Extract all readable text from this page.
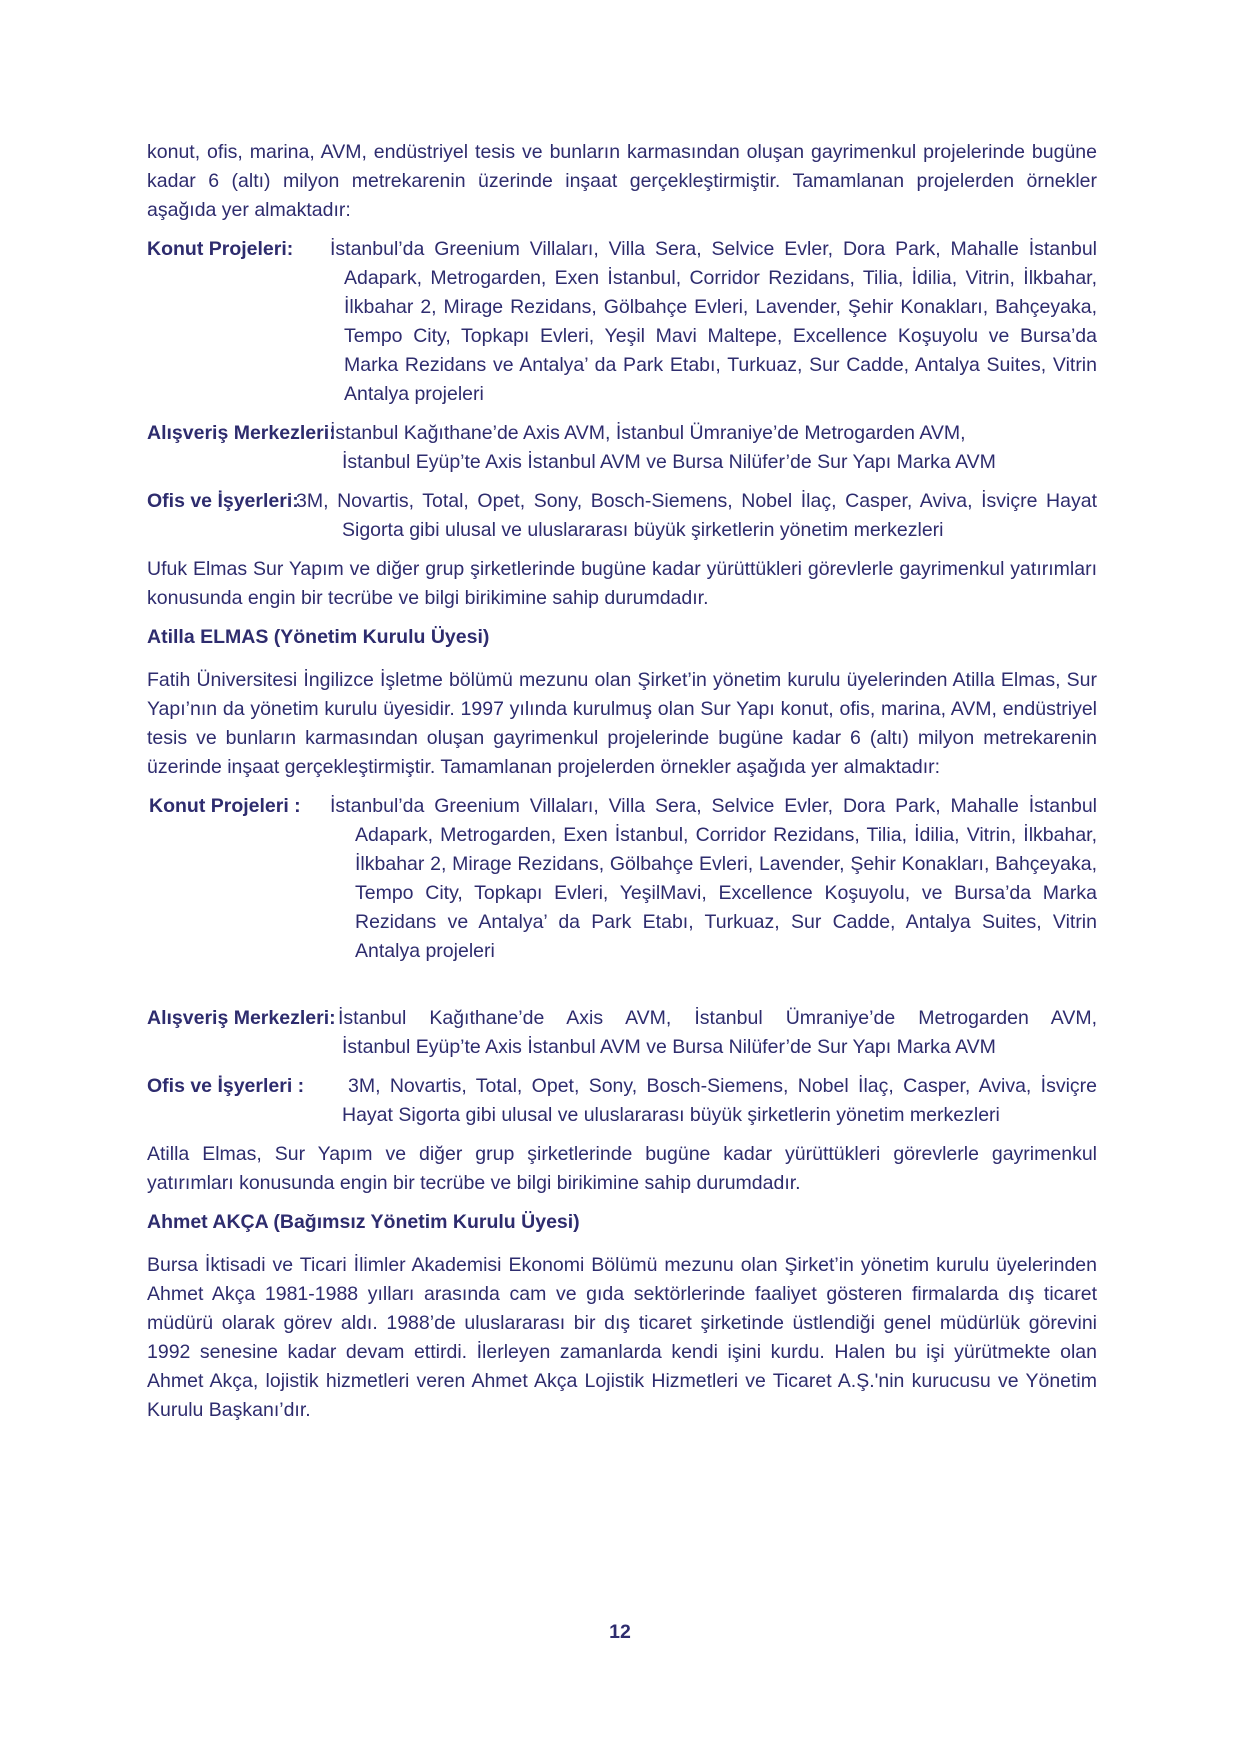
konut, ofis, marina, AVM, endüstriyel tesis ve bunların karmasından oluşan gayrimenkul projelerinde bugüne kadar 6 (altı) milyon metrekarenin üzerinde inşaat gerçekleştirmiştir. Tamamlanan projelerden örnekler aşağıda yer almaktadır:

Konut Projeleri: İstanbul’da Greenium Villaları, Villa Sera, Selvice Evler, Dora Park, Mahalle İstanbul
Adapark, Metrogarden, Exen İstanbul, Corridor Rezidans, Tilia, İdilia, Vitrin, İlkbahar, İlkbahar 2, Mirage Rezidans, Gölbahçe Evleri, Lavender, Şehir Konakları, Bahçeyaka, Tempo City, Topkapı Evleri, Yeşil Mavi Maltepe, Excellence Koşuyolu ve Bursa’da Marka Rezidans ve Antalya’ da Park Etabı, Turkuaz, Sur Cadde, Antalya Suites, Vitrin Antalya projeleri
Alışveriş Merkezleri:
İstanbul Kağıthane’de Axis AVM, İstanbul Ümraniye’de Metrogarden AVM,
İstanbul Eyüp’te Axis İstanbul AVM ve Bursa Nilüfer’de Sur Yapı Marka AVM
Ofis ve İşyerleri:
3M, Novartis, Total, Opet, Sony, Bosch-Siemens, Nobel İlaç, Casper, Aviva, İsviçre Hayat
Sigorta gibi ulusal ve uluslararası büyük şirketlerin yönetim merkezleri

Ufuk Elmas Sur Yapım ve diğer grup şirketlerinde bugüne kadar yürüttükleri görevlerle gayrimenkul yatırımları konusunda engin bir tecrübe ve bilgi birikimine sahip durumdadır.

Atilla ELMAS (Yönetim Kurulu Üyesi)

Fatih Üniversitesi İngilizce İşletme bölümü mezunu olan Şirket’in yönetim kurulu üyelerinden Atilla Elmas, Sur Yapı’nın da yönetim kurulu üyesidir. 1997 yılında kurulmuş olan Sur Yapı konut, ofis, marina, AVM, endüstriyel tesis ve bunların karmasından oluşan gayrimenkul projelerinde bugüne kadar 6 (altı) milyon metrekarenin üzerinde inşaat gerçekleştirmiştir. Tamamlanan projelerden örnekler aşağıda yer almaktadır:

Konut Projeleri : İstanbul’da Greenium Villaları, Villa Sera, Selvice Evler, Dora Park, Mahalle İstanbul
Adapark, Metrogarden, Exen İstanbul, Corridor Rezidans, Tilia, İdilia, Vitrin, İlkbahar, İlkbahar 2, Mirage Rezidans, Gölbahçe Evleri, Lavender, Şehir Konakları, Bahçeyaka, Tempo City, Topkapı Evleri, YeşilMavi, Excellence Koşuyolu, ve Bursa’da Marka Rezidans ve Antalya’ da Park Etabı, Turkuaz, Sur Cadde, Antalya Suites, Vitrin Antalya projeleri
Alışveriş Merkezleri: İstanbul Kağıthane’de Axis AVM, İstanbul Ümraniye’de Metrogarden AVM,
İstanbul Eyüp’te Axis İstanbul AVM ve Bursa Nilüfer’de Sur Yapı Marka AVM
Ofis ve İşyerleri : 3M, Novartis, Total, Opet, Sony, Bosch-Siemens, Nobel İlaç, Casper, Aviva, İsviçre
Hayat Sigorta gibi ulusal ve uluslararası büyük şirketlerin yönetim merkezleri

Atilla Elmas, Sur Yapım ve diğer grup şirketlerinde bugüne kadar yürüttükleri görevlerle gayrimenkul yatırımları konusunda engin bir tecrübe ve bilgi birikimine sahip durumdadır.

Ahmet AKÇA (Bağımsız Yönetim Kurulu Üyesi)

Bursa İktisadi ve Ticari İlimler Akademisi Ekonomi Bölümü mezunu olan Şirket’in yönetim kurulu üyelerinden Ahmet Akça 1981-1988 yılları arasında cam ve gıda sektörlerinde faaliyet gösteren firmalarda dış ticaret müdürü olarak görev aldı. 1988’de uluslararası bir dış ticaret şirketinde üstlendiği genel müdürlük görevini 1992 senesine kadar devam ettirdi. İlerleyen zamanlarda kendi işini kurdu. Halen bu işi yürütmekte olan Ahmet Akça, lojistik hizmetleri veren Ahmet Akça Lojistik Hizmetleri ve Ticaret A.Ş.'nin kurucusu ve Yönetim Kurulu Başkanı’dır.

12
